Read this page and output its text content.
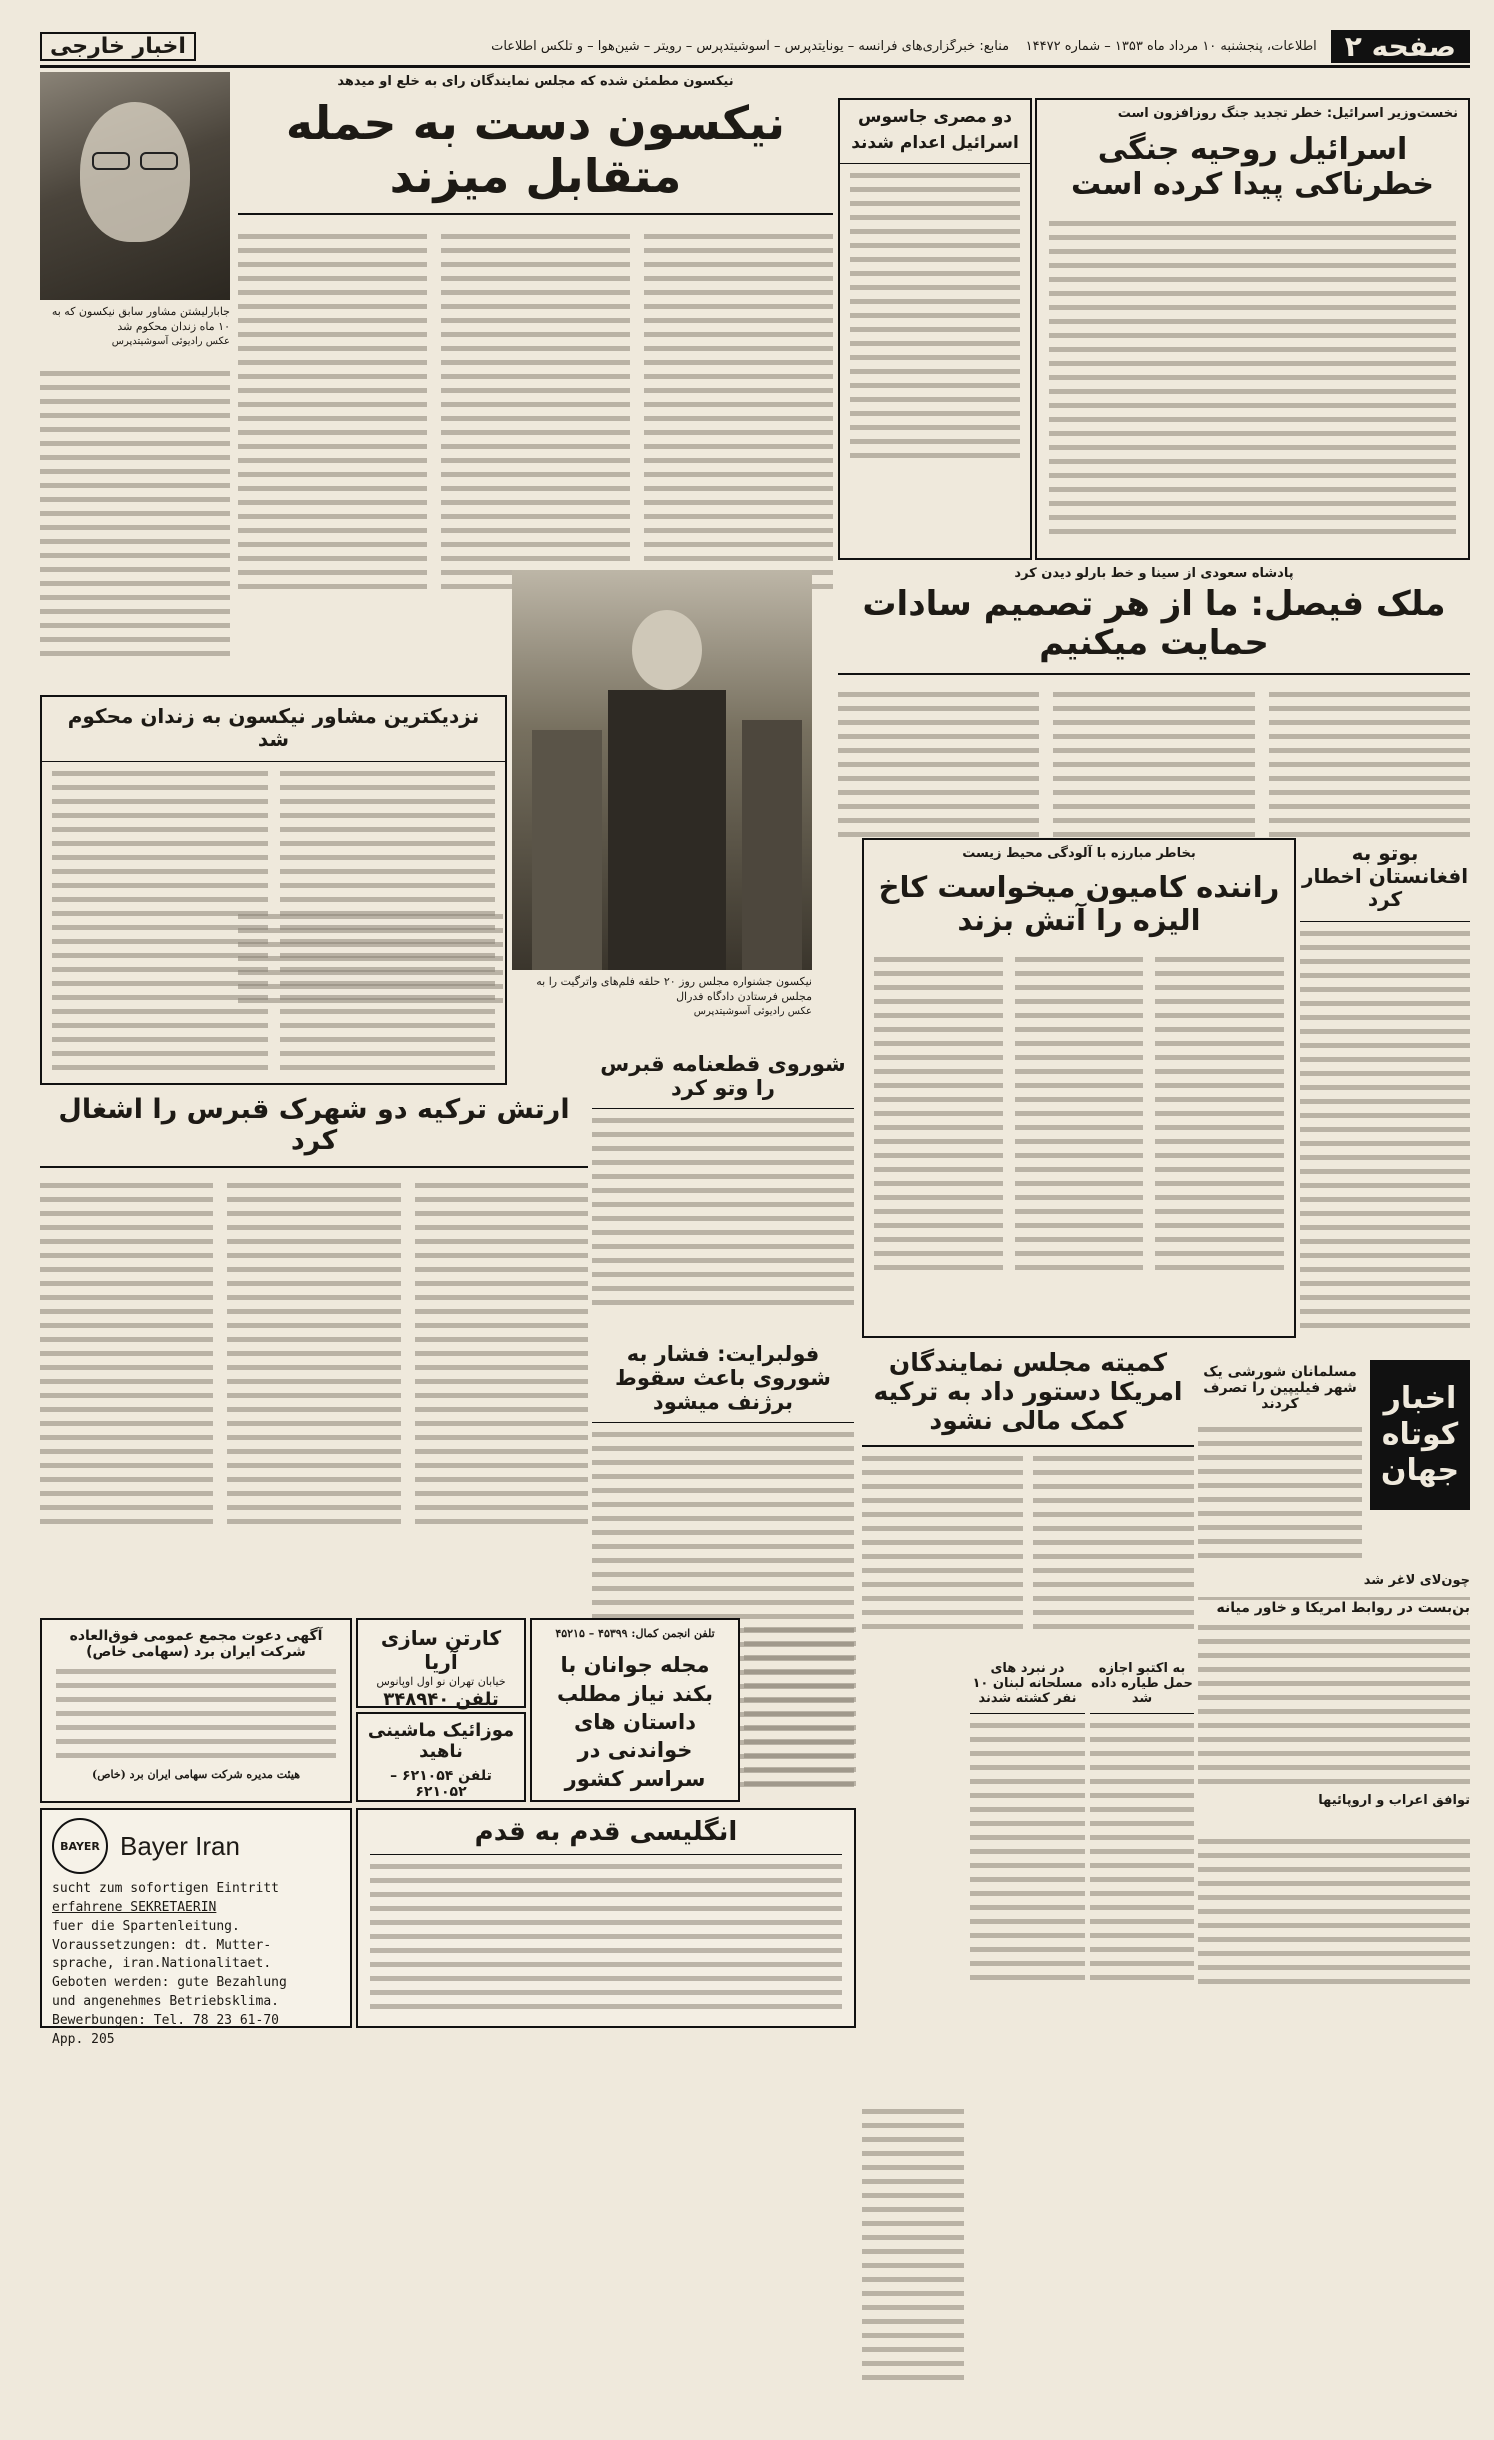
صفحه ۲
اطلاعات، پنجشنبه ۱۰ مرداد ماه ۱۳۵۳ – شماره ۱۴۴۷۲    منابع: خبرگزاری‌های فرانسه – یونایتدپرس – آسوشیتدپرس – رویتر – شین‌هوا – و تلکس اطلاعات
اخبار خارجی
نخست‌وزیر اسرائیل: خطر تجدید جنگ‌ روز‌افزون است
اسرائیل روحیه جنگی خطرناکی پیدا کرده است
دو مصری جاسوس
اسرائیل اعدام شدند
نیکسون مطمئن شده که مجلس نمایندگان رای به خلع او میدهد
نیکسون دست به حمله متقابل میزند
جابارلیشتن مشاور سابق نیکسون که به ۱۰ ماه زندان محکوم شد
عکس رادیوئی آسوشیتدپرس
پادشاه سعودی از سینا و خط بارلو دیدن کرد
ملک فیصل: ما از هر تصمیم سادات حمایت میکنیم
بخاطر مبارزه با آلودگی محیط زیست
راننده کامیون میخواست کاخ الیزه را آتش بزند
بوتو به افغانستان اخطار کرد
نیکسون جشنواره مجلس روز ۲۰ حلقه فلم‌های واترگیت را به مجلس فرستادن دادگاه فدرال
عکس رادیوئی آسوشیتدپرس
نزدیکترین مشاور نیکسون به زندان محکوم شد
شوروی قطعنامه قبرس را وتو کرد
ارتش ترکیه دو شهرک قبرس را اشغال کرد
فولبرایت: فشار به شوروی باعث سقوط برژنف میشود
کمیته مجلس نمایندگان امریکا دستور داد به ترکیه کمک مالی نشود
اخبار کوتاه جهان
مسلمانان شورشی یک شهر فیلیپین را تصرف کردند
چون‌لای لاغر شد
توافق اعراب و اروپائیها
بن‌بست در روابط امریکا و خاور میانه
به اکتبو اجازه حمل طیاره داده شد
در نبرد های مسلحانه لبنان ۱۰ نفر کشته شدند
آگهی دعوت مجمع عمومی فوق‌العاده شرکت ایران برد (سهامی خاص)
هیئت مدیره شرکت سهامی ایران برد (خاص)
کارتن سازی آریا
خیابان تهران نو اول اوپانوس
تلفن ۳۴۸۹۴۰
موزائیک ماشینی ناهید
تلفن ۶۲۱۰۵۴ – ۶۲۱۰۵۲
تلفن انجمن کمال: ۴۵۳۹۹ – ۴۵۲۱۵
مجله جوانان با بکند نیاز مطلب داستان های خواندنی در سراسر کشور
BAYER Bayer Iran
sucht zum sofortigen Eintritt
erfahrene SEKRETAERIN
fuer die Spartenleitung.
Voraussetzungen: dt. Mutter-
sprache, iran.Nationalitaet.
Geboten werden: gute Bezahlung
und angenehmes Betriebsklima.
Bewerbungen: Tel. 78 23 61-70
App. 205
انگلیسی قدم به قدم
